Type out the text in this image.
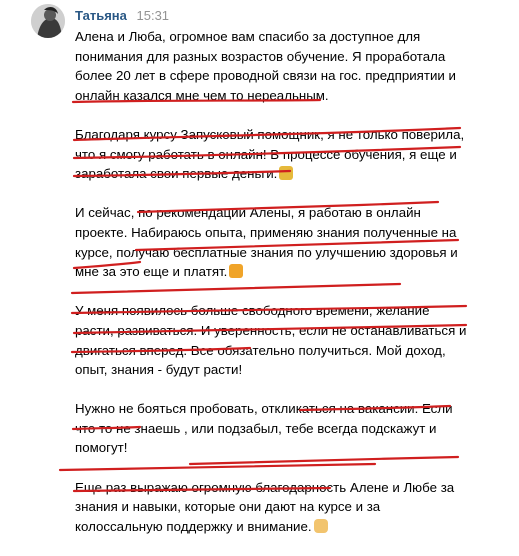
Татьяна 15:31
Алена и Люба, огромное вам спасибо за доступное для
понимания для разных возрастов обучение. Я проработала
более 20 лет в сфере проводной связи на гос. предприятии и
онлайн казался мне чем то нереальным.
Благодаря курсу Запусковый помощник, я не только поверила,
что я смогу работать в онлайн! В процессе обучения, я еще и
заработала свои первые деньги.
И сейчас, по рекомендации Алены, я работаю в онлайн
проекте. Набираюсь опыта, применяю знания полученные на
курсе, получаю бесплатные знания по улучшению здоровья и
мне за это еще и платят.
У меня появилось больше свободного времени, желание
расти, развиваться. И уверенность, если не останавливаться и
двигаться вперед. Все обязательно получиться. Мой доход,
опыт, знания - будут расти!
Нужно не бояться пробовать, откликаться на вакансии. Если
что то не знаешь , или подзабыл, тебе всегда подскажут и
помогут!
Еще раз выражаю огромную благодарность Алене и Любе за
знания и навыки, которые они дают на курсе и за
колоссальную поддержку и внимание.
